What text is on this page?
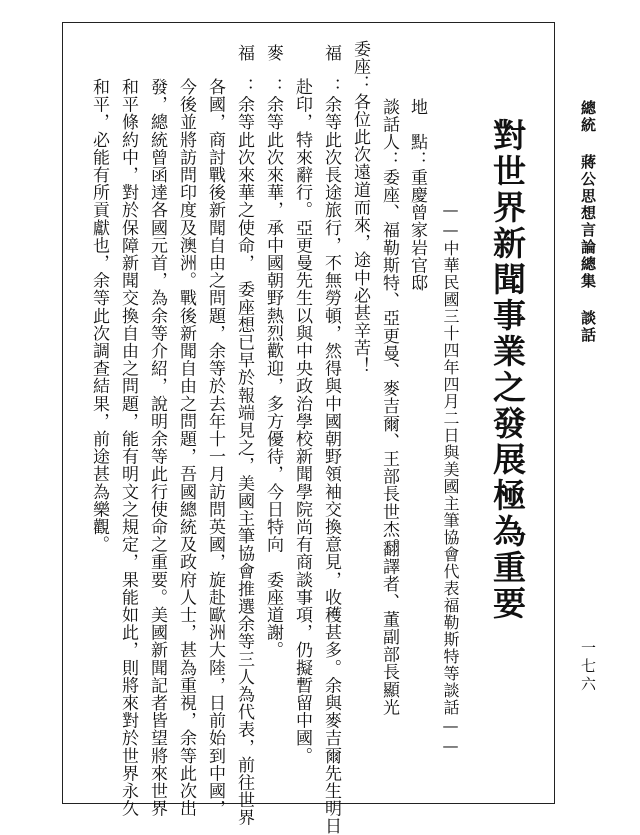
總統 蔣公思想言論總集 談話
一七六
對世界新聞事業之發展極為重要
——中華民國三十四年四月二日與美國主筆協會代表福勒斯特等談話——
翻譯者、董副部長顯光
談話人：委座、福勒斯特、亞更曼、麥吉爾、王部長世杰。 地　點：重慶曾家岩官邸
委座：各位此次遠道而來，途中必甚辛苦！
福
：余等此次長途旅行，不無勞頓，然得與中國朝野領袖交換意見，收穫甚多。余與麥吉爾先生明日
赴印，特來辭行。亞更曼先生以與中央政治學校新聞學院尚有商談事項，仍擬暫留中國。
麥
：余等此次來華，承中國朝野熱烈歡迎，多方優待，今日特向　委座道謝。
福
：余等此次來華之使命，　委座想已早於報端見之，美國主筆協會推選余等三人為代表，前往世界
各國，商討戰後新聞自由之問題，余等於去年十一月訪問英國，旋赴歐洲大陸，日前始到中國，
今後並將訪問印度及澳洲。戰後新聞自由之問題，吾國總統及政府人士，甚為重視，余等此次出
發，總統曾函達各國元首，為余等介紹，說明余等此行使命之重要。美國新聞記者皆望將來世界
和平條約中，對於保障新聞交換自由之問題，能有明文之規定，果能如此，則將來對於世界永久
和平，必能有所貢獻也，余等此次調查結果，前途甚為樂觀。
